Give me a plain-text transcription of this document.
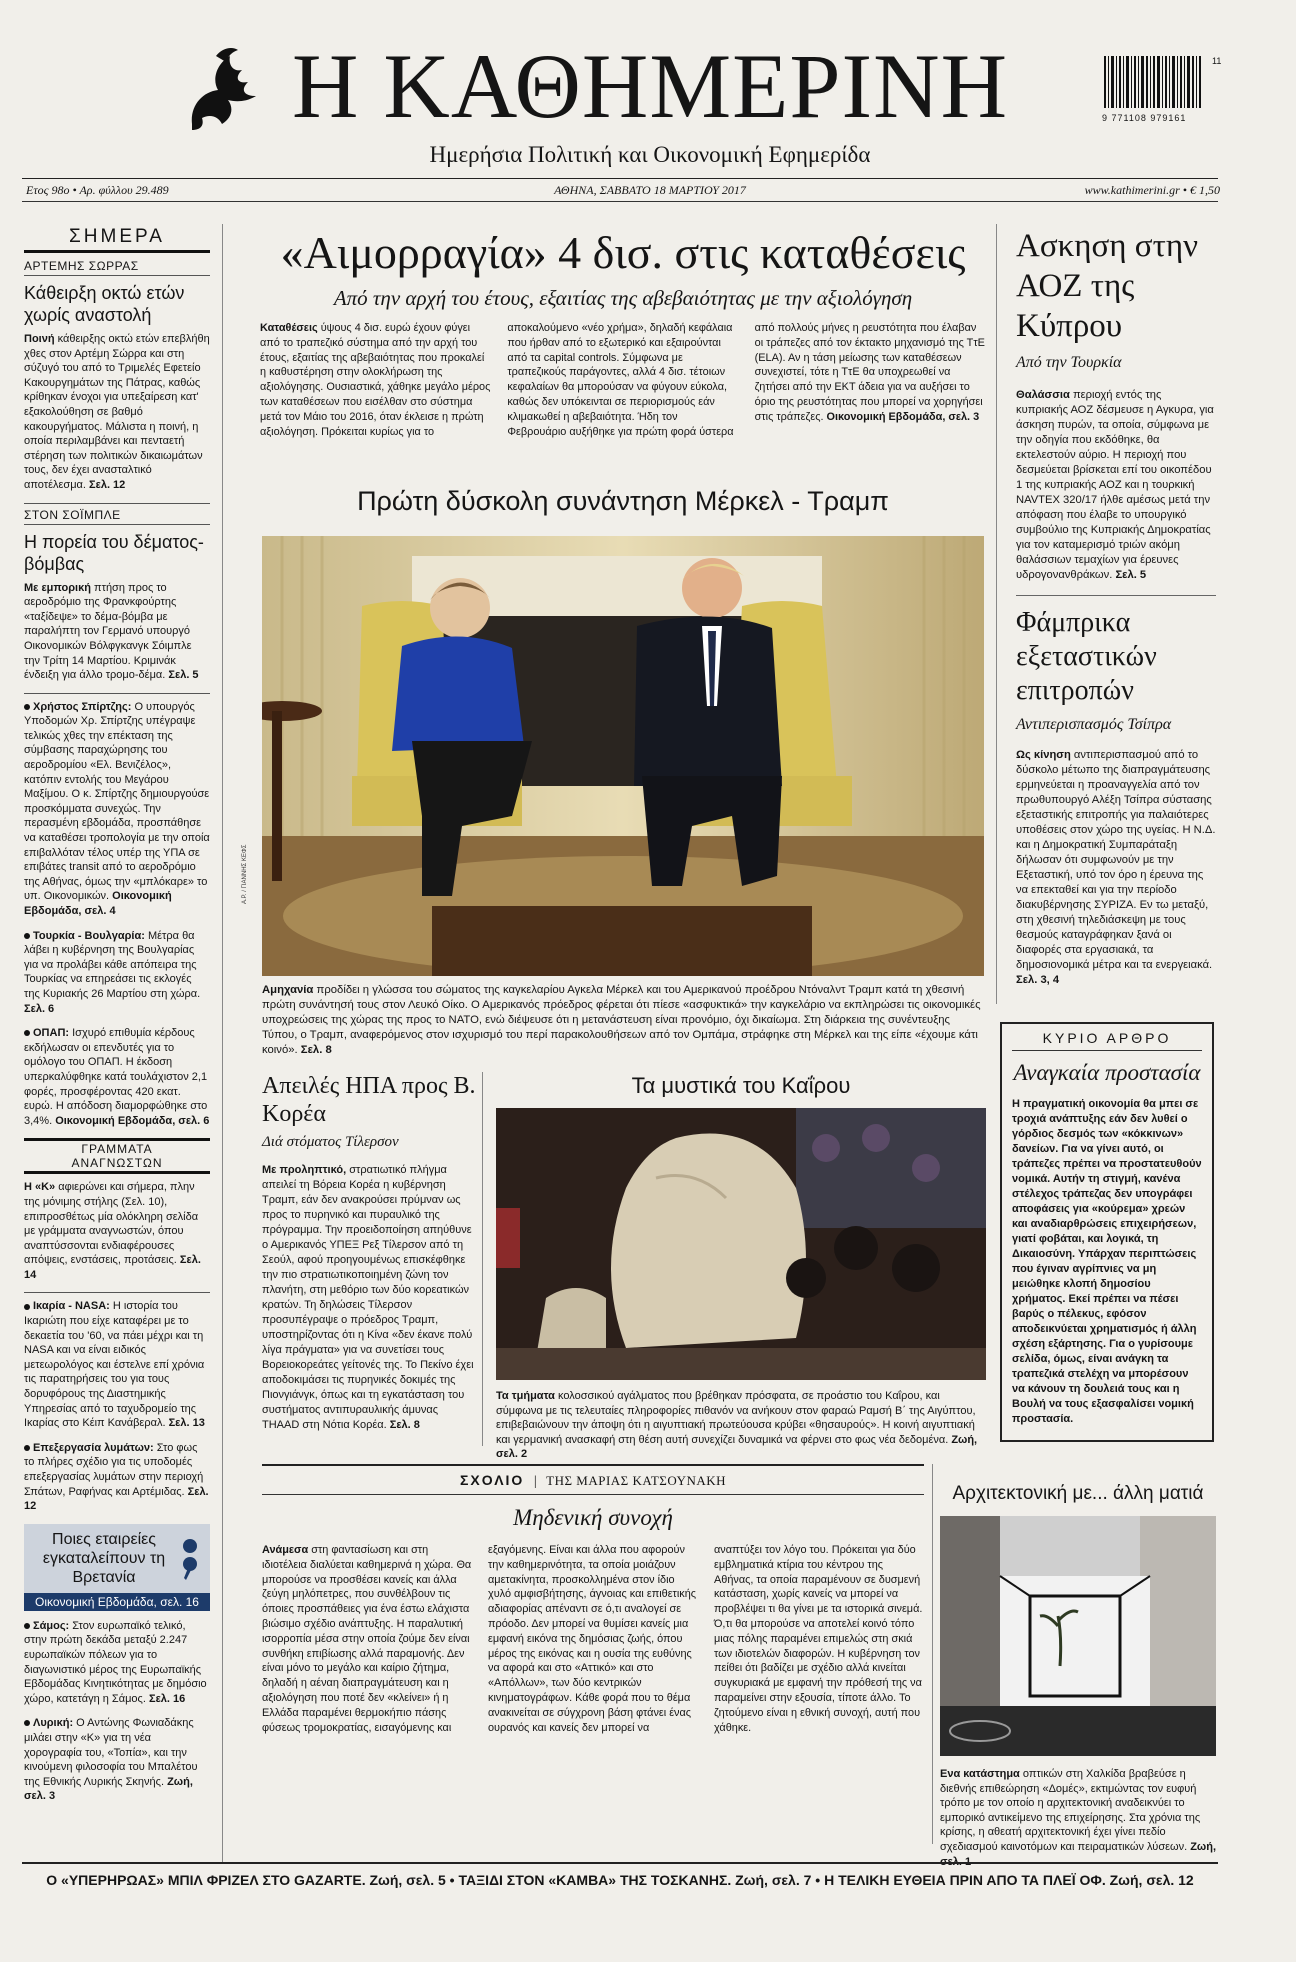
Η ΚΑΘΗΜΕΡΙΝΗ
Ημερήσια Πολιτική και Οικονομική Εφημερίδα
9 771108 979161
11
Ετος 98ο • Αρ. φύλλου 29.489	ΑΘΗΝΑ, ΣΑΒΒΑΤΟ 18 ΜΑΡΤΙΟΥ 2017	www.kathimerini.gr • € 1,50
ΣΗΜΕΡΑ
ΑΡΤΕΜΗΣ ΣΩΡΡΑΣ
Κάθειρξη οκτώ ετών χωρίς αναστολή

Ποινή κάθειρξης οκτώ ετών επεβλήθη χθες στον Αρτέμη Σώρρα και στη σύζυγό του από το Τριμελές Εφετείο Κακουργημάτων της Πάτρας, καθώς κρίθηκαν ένοχοι για υπεξαίρεση κατ' εξακολούθηση σε βαθμό κακουργήματος. Μάλιστα η ποινή, η οποία περιλαμβάνει και πενταετή στέρηση των πολιτικών δικαιωμάτων τους, δεν έχει ανασταλτικό αποτέλεσμα. Σελ. 12

ΣΤΟΝ ΣΟΪΜΠΛΕ
Η πορεία του δέματος-βόμβας

Με εμπορική πτήση προς το αεροδρόμιο της Φρανκφούρτης «ταξίδεψε» το δέμα-βόμβα με παραλήπτη τον Γερμανό υπουργό Οικονομικών Βόλφγκανγκ Σόιμπλε την Τρίτη 14 Μαρτίου. Κριμινάκ ένδειξη για άλλο τρομο-δέμα. Σελ. 5

Χρήστος Σπίρτζης: Ο υπουργός Υποδομών Χρ. Σπίρτζης υπέγραψε τελικώς χθες την επέκταση της σύμβασης παραχώρησης του αεροδρομίου «Ελ. Βενιζέλος», κατόπιν εντολής του Μεγάρου Μαξίμου. Ο κ. Σπίρτζης δημιουργούσε προσκόμματα συνεχώς. Την περασμένη εβδομάδα, προσπάθησε να καταθέσει τροπολογία με την οποία επιβαλλόταν τέλος υπέρ της ΥΠΑ σε επιβάτες transit από το αεροδρόμιο της Αθήνας, όμως την «μπλόκαρε» το υπ. Οικονομικών. Οικονομική Εβδομάδα, σελ. 4

Τουρκία - Βουλγαρία: Μέτρα θα λάβει η κυβέρνηση της Βουλγαρίας για να προλάβει κάθε απόπειρα της Τουρκίας να επηρεάσει τις εκλογές της Κυριακής 26 Μαρτίου στη χώρα. Σελ. 6

ΟΠΑΠ: Ισχυρό επιθυμία κέρδους εκδήλωσαν οι επενδυτές για το ομόλογο του ΟΠΑΠ. Η έκδοση υπερκαλύφθηκε κατά τουλάχιστον 2,1 φορές, προσφέροντας 420 εκατ. ευρώ. Η απόδοση διαμορφώθηκε στο 3,4%. Οικονομική Εβδομάδα, σελ. 6

ΓΡΑΜΜΑΤΑ ΑΝΑΓΝΩΣΤΩΝ

Η «Κ» αφιερώνει και σήμερα, πλην της μόνιμης στήλης (Σελ. 10), επιπροσθέτως μία ολόκληρη σελίδα με γράμματα αναγνωστών, όπου αναπτύσσονται ενδιαφέρουσες απόψεις, ενστάσεις, προτάσεις. Σελ. 14

Ικαρία - NASA: Η ιστορία του Ικαριώτη που είχε καταφέρει με το δεκαετία του '60, να πάει μέχρι και τη NASA και να είναι ειδικός μετεωρολόγος και έστελνε επί χρόνια τις παρατηρήσεις του για τους δορυφόρους της Διαστημικής Υπηρεσίας από το ταχυδρομείο της Ικαρίας στο Κέιπ Κανάβεραλ. Σελ. 13

Επεξεργασία λυμάτων: Στο φως το πλήρες σχέδιο για τις υποδομές επεξεργασίας λυμάτων στην περιοχή Σπάτων, Ραφήνας και Αρτέμιδας. Σελ. 12

Ποιες εταιρείες εγκαταλείπουν τη Βρετανία
Οικονομική Εβδομάδα, σελ. 16

Σάμος: Στον ευρωπαϊκό τελικό, στην πρώτη δεκάδα μεταξύ 2.247 ευρωπαϊκών πόλεων για το διαγωνιστικό μέρος της Ευρωπαϊκής Εβδομάδας Κινητικότητας με δημόσιο χώρο, κατετάγη η Σάμος. Σελ. 16

Λυρική: Ο Αντώνης Φωνιαδάκης μιλάει στην «Κ» για τη νέα χορογραφία του, «Τοπία», και την κινούμενη φιλοσοφία του Μπαλέτου της Εθνικής Λυρικής Σκηνής. Ζωή, σελ. 3

«Αιμορραγία» 4 δισ. στις καταθέσεις
Από την αρχή του έτους, εξαιτίας της αβεβαιότητας με την αξιολόγηση
Καταθέσεις ύψους 4 δισ. ευρώ έχουν φύγει από το τραπεζικό σύστημα από την αρχή του έτους, εξαιτίας της αβεβαιότητας που προκαλεί η καθυστέρηση στην ολοκλήρωση της αξιολόγησης. Ουσιαστικά, χάθηκε μεγάλο μέρος των καταθέσεων που εισέλθαν στο σύστημα μετά τον Μάιο του 2016, όταν έκλεισε η πρώτη αξιολόγηση. Πρόκειται κυρίως για το αποκαλούμενο «νέο χρήμα», δηλαδή κεφάλαια που ήρθαν από το εξωτερικό και εξαιρούνται από τα capital controls. Σύμφωνα με τραπεζικούς παράγοντες, αλλά 4 δισ. τέτοιων κεφαλαίων θα μπορούσαν να φύγουν εύκολα, καθώς δεν υπόκεινται σε περιορισμούς εάν κλιμακωθεί η αβεβαιότητα. Ήδη τον Φεβρουάριο αυξήθηκε για πρώτη φορά ύστερα από πολλούς μήνες η ρευστότητα που έλαβαν οι τράπεζες από τον έκτακτο μηχανισμό της ΤτΕ (ELA). Αν η τάση μείωσης των καταθέσεων συνεχιστεί, τότε η ΤτΕ θα υποχρεωθεί να ζητήσει από την ΕΚΤ άδεια για να αυξήσει το όριο της ρευστότητας που μπορεί να χορηγήσει στις τράπεζες. Οικονομική Εβδομάδα, σελ. 3
Πρώτη δύσκολη συνάντηση Μέρκελ - Τραμπ
A.P. / ΓΙΑΝΝΗΣ ΚΕΦΣ
Αμηχανία προδίδει η γλώσσα του σώματος της καγκελαρίου Αγκελα Μέρκελ και του Αμερικανού προέδρου Ντόναλντ Τραμπ κατά τη χθεσινή πρώτη συνάντησή τους στον Λευκό Οίκο. Ο Αμερικανός πρόεδρος φέρεται ότι πίεσε «ασφυκτικά» την καγκελάριο να εκπληρώσει τις οικονομικές υποχρεώσεις της χώρας της προς το ΝΑΤΟ, ενώ διέψευσε ότι η μετανάστευση είναι προνόμιο, όχι δικαίωμα. Στη διάρκεια της συνέντευξης Τύπου, ο Τραμπ, αναφερόμενος στον ισχυρισμό του περί παρακολουθήσεων από τον Ομπάμα, στράφηκε στη Μέρκελ και της είπε «έχουμε κάτι κοινό». Σελ. 8
Ασκηση στην ΑΟΖ της Κύπρου
Από την Τουρκία

Θαλάσσια περιοχή εντός της κυπριακής ΑΟΖ δέσμευσε η Αγκυρα, για άσκηση πυρών, τα οποία, σύμφωνα με την οδηγία που εκδόθηκε, θα εκτελεστούν αύριο. Η περιοχή που δεσμεύεται βρίσκεται επί του οικοπέδου 1 της κυπριακής ΑΟΖ και η τουρκική NAVTEX 320/17 ήλθε αμέσως μετά την απόφαση που έλαβε το υπουργικό συμβούλιο της Κυπριακής Δημοκρατίας για τον καταμερισμό τριών ακόμη θαλάσσιων τεμαχίων για έρευνες υδρογονανθράκων. Σελ. 5

Φάμπρικα εξεταστικών επιτροπών
Αντιπερισπασμός Τσίπρα

Ως κίνηση αντιπερισπασμού από το δύσκολο μέτωπο της διαπραγμάτευσης ερμηνεύεται η προαναγγελία από τον πρωθυπουργό Αλέξη Τσίπρα σύστασης εξεταστικής επιτροπής για παλαιότερες υποθέσεις στον χώρο της υγείας. Η Ν.Δ. και η Δημοκρατική Συμπαράταξη δήλωσαν ότι συμφωνούν με την Εξεταστική, υπό τον όρο η έρευνα της να επεκταθεί και για την περίοδο διακυβέρνησης ΣΥΡΙΖΑ. Εν τω μεταξύ, στη χθεσινή τηλεδιάσκεψη με τους θεσμούς καταγράφηκαν ξανά οι διαφορές στα εργασιακά, τα δημοσιονομικά μέτρα και τα ενεργειακά. Σελ. 3, 4

ΚΥΡΙΟ ΑΡΘΡΟ
Αναγκαία προστασία

Η πραγματική οικονομία θα μπει σε τροχιά ανάπτυξης εάν δεν λυθεί ο γόρδιος δεσμός των «κόκκινων» δανείων. Για να γίνει αυτό, οι τράπεζες πρέπει να προστατευθούν νομικά. Αυτήν τη στιγμή, κανένα στέλεχος τράπεζας δεν υπογράφει αποφάσεις για «κούρεμα» χρεών και αναδιαρθρώσεις επιχειρήσεων, γιατί φοβάται, και λογικά, τη Δικαιοσύνη. Υπάρχαν περιπτώσεις που έγιναν αγρίπνιες να μη μειώθηκε κλοπή δημοσίου χρήματος. Εκεί πρέπει να πέσει βαρύς ο πέλεκυς, εφόσον αποδεικνύεται χρηματισμός ή άλλη σχέση εξάρτησης. Για ο γυρίσουμε σελίδα, όμως, είναι ανάγκη τα τραπεζικά στελέχη να μπορέσουν να κάνουν τη δουλειά τους και η Βουλή να τους εξασφαλίσει νομική προστασία.

Απειλές ΗΠΑ προς Β. Κορέα
Διά στόματος Τίλερσον

Με προληπτικό, στρατιωτικό πλήγμα απειλεί τη Βόρεια Κορέα η κυβέρνηση Τραμπ, εάν δεν ανακρούσει πρύμναν ως προς το πυρηνικό και πυραυλικό της πρόγραμμα. Την προειδοποίηση απηύθυνε ο Αμερικανός ΥΠΕΞ Ρεξ Τίλερσον από τη Σεούλ, αφού προηγουμένως επισκέφθηκε την πιο στρατιωτικοποιημένη ζώνη τον πλανήτη, στη μεθόριο των δύο κορεατικών κρατών. Τη δηλώσεις Τίλερσον προσυπέγραψε ο πρόεδρος Τραμπ, υποστηρίζοντας ότι η Κίνα «δεν έκανε πολύ λίγα πράγματα» για να συνετίσει τους Βορειοκορεάτες γείτονές της. Το Πεκίνο έχει αποδοκιμάσει τις πυρηνικές δοκιμές της Πιονγιάνγκ, όπως και τη εγκατάσταση του συστήματος αντιπυραυλικής άμυνας THAAD στη Νότια Κορέα. Σελ. 8

Τα μυστικά του Καΐρου
Τα τμήματα κολοσσικού αγάλματος που βρέθηκαν πρόσφατα, σε προάστιο του Καΐρου, και σύμφωνα με τις τελευταίες πληροφορίες πιθανόν να ανήκουν στον φαραώ Ραμσή Β΄ της Αιγύπτου, επιβεβαιώνουν την άποψη ότι η αιγυπτιακή πρωτεύουσα κρύβει «θησαυρούς». Η κοινή αιγυπτιακή και γερμανική ανασκαφή στη θέση αυτή συνεχίζει δυναμικά να φέρνει στο φως νέα δεδομένα. Ζωή, σελ. 2
ΣΧΟΛΙΟ | ΤΗΣ ΜΑΡΙΑΣ ΚΑΤΣΟΥΝΑΚΗ
Μηδενική συνοχή
Ανάμεσα στη φαντασίωση και στη ιδιοτέλεια διαλύεται καθημερινά η χώρα. Θα μπορούσε να προσθέσει κανείς και άλλα ζεύγη μηλόπετρες, που συνθέλβουν τις όποιες προσπάθειες για ένα έστω ελάχιστα βιώσιμο σχέδιο ανάπτυξης. Η παραλυτική ισορροπία μέσα στην οποία ζούμε δεν είναι συνθήκη επιβίωσης αλλά παραμονής. Δεν είναι μόνο το μεγάλο και καίριο ζήτημα, δηλαδή η αέναη διαπραγμάτευση και η αξιολόγηση που ποτέ δεν «κλείνει» ή η Ελλάδα παραμένει θερμοκήπιο πάσης φύσεως τρομοκρατίας, εισαγόμενης και εξαγόμενης. Είναι και άλλα που αφορούν την καθημερινότητα, τα οποία μοιάζουν αμετακίνητα, προσκολλημένα στον ίδιο χυλό αμφισβήτησης, άγνοιας και επιθετικής αδιαφορίας απέναντι σε ό,τι αναλογεί σε πρόοδο. Δεν μπορεί να θυμίσει κανείς μια εμφανή εικόνα της δημόσιας ζωής, όπου μέρος της εικόνας και η ουσία της ευθύνης να αφορά και στο «Αττικό» και στο «Απόλλων», των δύο κεντρικών κινηματογράφων. Κάθε φορά που το θέμα ανακινείται σε σύγχρονη βάση φτάνει ένας ουρανός και κανείς δεν μπορεί να αναπτύξει τον λόγο του. Πρόκειται για δύο εμβληματικά κτίρια του κέντρου της Αθήνας, τα οποία παραμένουν σε δυσμενή κατάσταση, χωρίς κανείς να μπορεί να προβλέψει τι θα γίνει με τα ιστορικά σινεμά. Ό,τι θα μπορούσε να αποτελεί κοινό τόπο μιας πόλης παραμένει επιμελώς στη σκιά των ιδιοτελών διαφορών. Η κυβέρνηση τον πείθει ότι βαδίζει με σχέδιο αλλά κινείται συγκυριακά με εμφανή την πρόθεσή της να παραμείνει στην εξουσία, τίποτε άλλο. Το ζητούμενο είναι η εθνική συνοχή, αυτή που χάθηκε.
Αρχιτεκτονική με... άλλη ματιά
Ενα κατάστημα οπτικών στη Χαλκίδα βραβεύσε η διεθνής επιθεώρηση «Δομές», εκτιμώντας τον ευφυή τρόπο με τον οποίο η αρχιτεκτονική αναδεικνύει το εμπορικό αντικείμενο της επιχείρησης. Στα χρόνια της κρίσης, η αθεατή αρχιτεκτονική έχει γίνει πεδίο σχεδιασμού καινοτόμων και πειραματικών λύσεων. Ζωή, σελ. 1
Ο «ΥΠΕΡΗΡΩΑΣ» ΜΠΙΛ ΦΡΙΖΕΛ ΣΤΟ GAZARTE. Ζωή, σελ. 5 • ΤΑΞΙΔΙ ΣΤΟΝ «ΚΑΜΒΑ» ΤΗΣ ΤΟΣΚΑΝΗΣ. Ζωή, σελ. 7 • Η ΤΕΛΙΚΗ ΕΥΘΕΙΑ ΠΡΙΝ ΑΠΟ ΤΑ ΠΛΕΪ ΟΦ. Ζωή, σελ. 12
